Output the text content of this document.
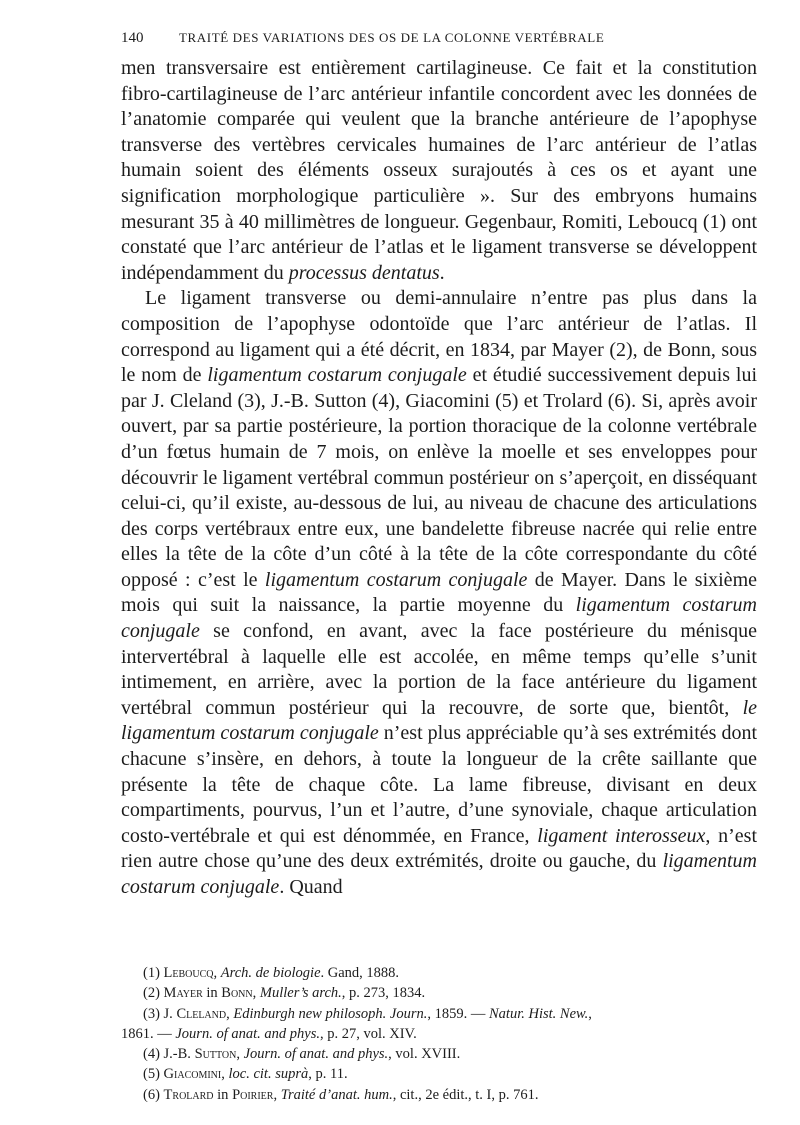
140	TRAITÉ DES VARIATIONS DES OS DE LA COLONNE VERTÉBRALE

men transversaire est entièrement cartilagineuse. Ce fait et la constitution fibro-cartilagineuse de l’arc antérieur infantile concordent avec les données de l’anatomie comparée qui veulent que la branche antérieure de l’apophyse transverse des vertèbres cervicales humaines de l’arc antérieur de l’atlas humain soient des éléments osseux surajoutés à ces os et ayant une signification morphologique particulière ». Sur des embryons humains mesurant 35 à 40 millimètres de longueur. Gegenbaur, Romiti, Leboucq (1) ont constaté que l’arc antérieur de l’atlas et le ligament transverse se développent indépendamment du processus dentatus.

Le ligament transverse ou demi-annulaire n’entre pas plus dans la composition de l’apophyse odontoïde que l’arc antérieur de l’atlas. Il correspond au ligament qui a été décrit, en 1834, par Mayer (2), de Bonn, sous le nom de ligamentum costarum conjugale et étudié successivement depuis lui par J. Cleland (3), J.-B. Sutton (4), Giacomini (5) et Trolard (6). Si, après avoir ouvert, par sa partie postérieure, la portion thoracique de la colonne vertébrale d’un fœtus humain de 7 mois, on enlève la moelle et ses enveloppes pour découvrir le ligament vertébral commun postérieur on s’aperçoit, en disséquant celui-ci, qu’il existe, au-dessous de lui, au niveau de chacune des articulations des corps vertébraux entre eux, une bandelette fibreuse nacrée qui relie entre elles la tête de la côte d’un côté à la tête de la côte correspondante du côté opposé : c’est le ligamentum costarum conjugale de Mayer. Dans le sixième mois qui suit la naissance, la partie moyenne du ligamentum costarum conjugale se confond, en avant, avec la face postérieure du ménisque intervertébral à laquelle elle est accolée, en même temps qu’elle s’unit intimement, en arrière, avec la portion de la face antérieure du ligament vertébral commun postérieur qui la recouvre, de sorte que, bientôt, le ligamentum costarum conjugale n’est plus appréciable qu’à ses extrémités dont chacune s’insère, en dehors, à toute la longueur de la crête saillante que présente la tête de chaque côte. La lame fibreuse, divisant en deux compartiments, pourvus, l’un et l’autre, d’une synoviale, chaque articulation costo-vertébrale et qui est dénommée, en France, ligament interosseux, n’est rien autre chose qu’une des deux extrémités, droite ou gauche, du ligamentum costarum conjugale. Quand

(1) Leboucq, Arch. de biologie. Gand, 1888.

(2) Mayer in Bonn, Muller’s arch., p. 273, 1834.

(3) J. Cleland, Edinburgh new philosoph. Journ., 1859. — Natur. Hist. New.,

1861. — Journ. of anat. and phys., p. 27, vol. XIV.

(4) J.-B. Sutton, Journ. of anat. and phys., vol. XVIII.

(5) Giacomini, loc. cit. suprà, p. 11.

(6) Trolard in Poirier, Traité d’anat. hum., cit., 2e édit., t. I, p. 761.
